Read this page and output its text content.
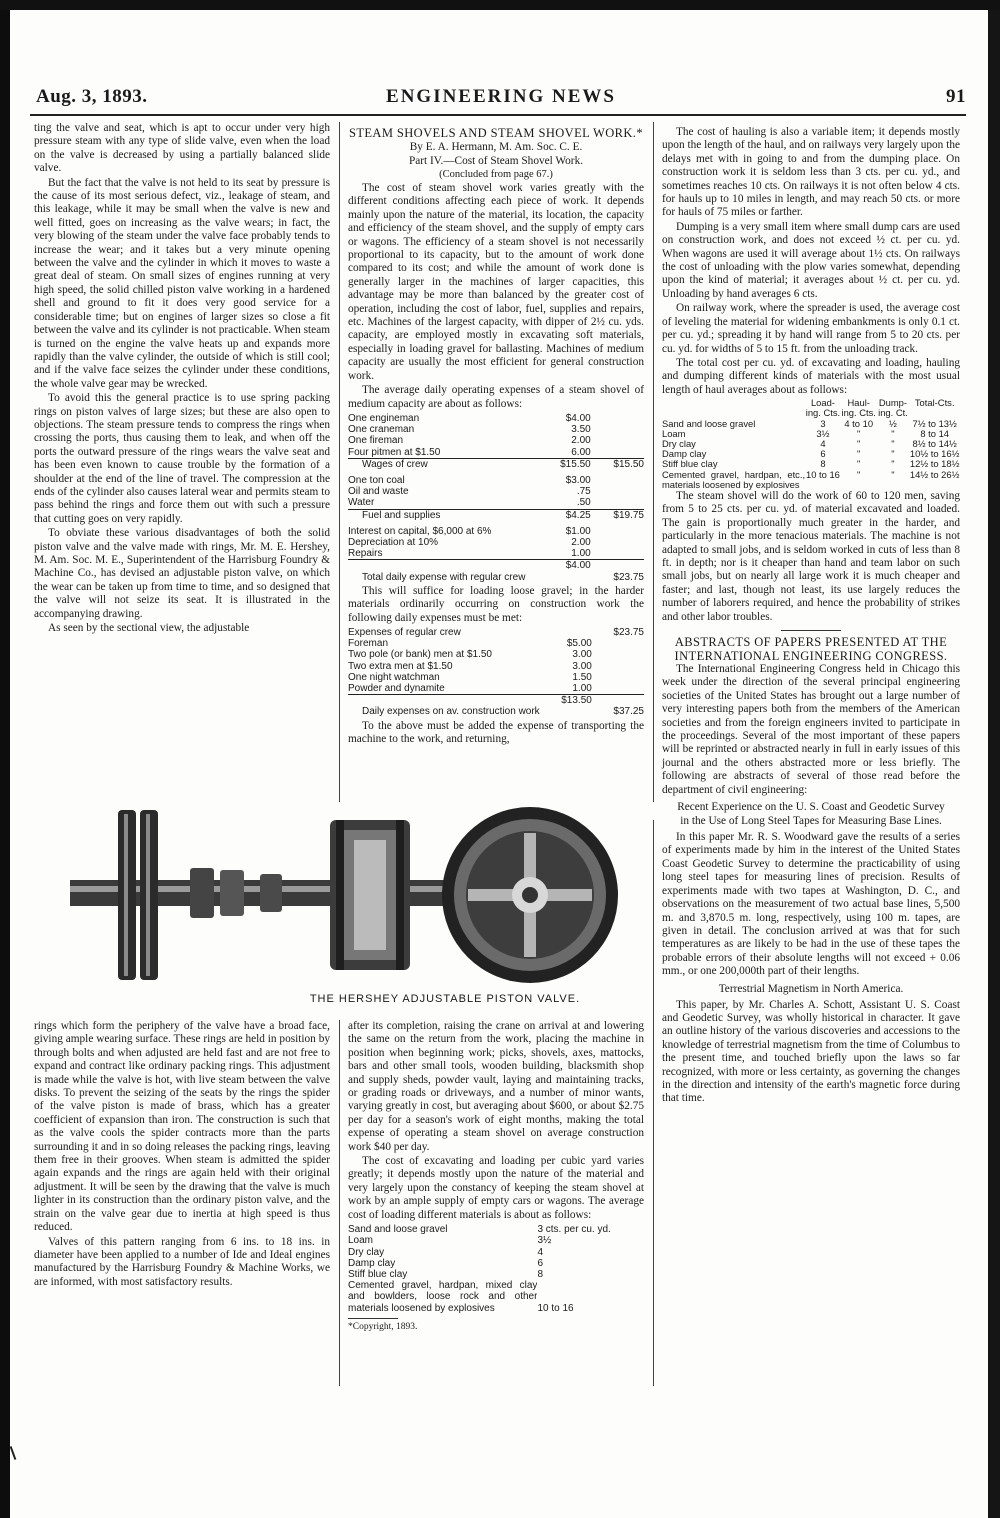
Aug. 3, 1893.	ENGINEERING NEWS	91

ting the valve and seat, which is apt to occur under very high pressure steam with any type of slide valve, even when the load on the valve is decreased by using a partially balanced slide valve.

But the fact that the valve is not held to its seat by pressure is the cause of its most serious defect, viz., leakage of steam, and this leakage, while it may be small when the valve is new and well fitted, goes on increasing as the valve wears; in fact, the very blowing of the steam under the valve face probably tends to increase the wear; and it takes but a very minute opening between the valve and the cylinder in which it moves to waste a great deal of steam. On small sizes of engines running at very high speed, the solid chilled piston valve working in a hardened shell and ground to fit it does very good service for a considerable time; but on engines of larger sizes so close a fit between the valve and its cylinder is not practicable. When steam is turned on the engine the valve heats up and expands more rapidly than the valve cylinder, the outside of which is still cool; and if the valve face seizes the cylinder under these conditions, the whole valve gear may be wrecked.

To avoid this the general practice is to use spring packing rings on piston valves of large sizes; but these are also open to objections. The steam pressure tends to compress the rings when crossing the ports, thus causing them to leak, and when off the ports the outward pressure of the rings wears the valve seat and has been even known to cause trouble by the formation of a shoulder at the end of the line of travel. The compression at the ends of the cylinder also causes lateral wear and permits steam to pass behind the rings and force them out with such a pressure that cutting goes on very rapidly.

To obviate these various disadvantages of both the solid piston valve and the valve made with rings, Mr. M. E. Hershey, M. Am. Soc. M. E., Superintendent of the Harrisburg Foundry & Machine Co., has devised an adjustable piston valve, on which the wear can be taken up from time to time, and so designed that the valve will not seize its seat. It is illustrated in the accompanying drawing.

As seen by the sectional view, the adjustable

STEAM SHOVELS AND STEAM SHOVEL WORK.*
By E. A. Hermann, M. Am. Soc. C. E.
Part IV.—Cost of Steam Shovel Work.
(Concluded from page 67.)

The cost of steam shovel work varies greatly with the different conditions affecting each piece of work. It depends mainly upon the nature of the material, its location, the capacity and efficiency of the steam shovel, and the supply of empty cars or wagons. The efficiency of a steam shovel is not necessarily proportional to its capacity, but to the amount of work done compared to its cost; and while the amount of work done is generally larger in the machines of larger capacities, this advantage may be more than balanced by the greater cost of operation, including the cost of labor, fuel, supplies and repairs, etc. Machines of the largest capacity, with dipper of 2½ cu. yds. capacity, are employed mostly in excavating soft materials, especially in loading gravel for ballasting. Machines of medium capacity are usually the most efficient for general construction work.

The average daily operating expenses of a steam shovel of medium capacity are about as follows:

One engineman	$4.00	
One craneman	3.50	
One fireman	2.00	
Four pitmen at $1.50	6.00	
Wages of crew	$15.50	$15.50

One ton coal	$3.00	
Oil and waste	.75	
Water	.50	
Fuel and supplies	$4.25	$19.75

Interest on capital, $6,000 at 6%	$1.00	
Depreciation at 10%	2.00	
Repairs	1.00	
	$4.00	
Total daily expense with regular crew		$23.75

This will suffice for loading loose gravel; in the harder materials ordinarily occurring on construction work the following daily expenses must be met:

Expenses of regular crew		$23.75
Foreman	$5.00	
Two pole (or bank) men at $1.50	3.00	
Two extra men at $1.50	3.00	
One night watchman	1.50	
Powder and dynamite	1.00	
	$13.50	
Daily expenses on av. construction work		$37.25

To the above must be added the expense of transporting the machine to the work, and returning,

The cost of hauling is also a variable item; it depends mostly upon the length of the haul, and on railways very largely upon the delays met with in going to and from the dumping place. On construction work it is seldom less than 3 cts. per cu. yd., and sometimes reaches 10 cts. On railways it is not often below 4 cts. for hauls up to 10 miles in length, and may reach 50 cts. or more for hauls of 75 miles or farther.

Dumping is a very small item where small dump cars are used on construction work, and does not exceed ½ ct. per cu. yd. When wagons are used it will average about 1½ cts. On railways the cost of unloading with the plow varies somewhat, depending upon the kind of material; it averages about ½ ct. per cu. yd. Unloading by hand averages 6 cts.

On railway work, where the spreader is used, the average cost of leveling the material for widening embankments is only 0.1 ct. per cu. yd.; spreading it by hand will range from 5 to 20 cts. per cu. yd. for widths of 5 to 15 ft. from the unloading track.

The total cost per cu. yd. of excavating and loading, hauling and dumping different kinds of materials with the most usual length of haul averages about as follows:

	Load-ing. Cts.	Haul-ing. Cts.	Dump-ing. Ct.	Total-Cts.
Sand and loose gravel	3	4 to 10	½	7½ to 13½
Loam	3½	"	"	8 to 14
Dry clay	4	"	"	8½ to 14½
Damp clay	6	"	"	10½ to 16½
Stiff blue clay	8	"	"	12½ to 18½
Cemented gravel, hardpan, etc., materials loosened by explosives	10 to 16	"	"	14½ to 26½

The steam shovel will do the work of 60 to 120 men, saving from 5 to 25 cts. per cu. yd. of material excavated and loaded. The gain is proportionally much greater in the harder, and particularly in the more tenacious materials. The machine is not adapted to small jobs, and is seldom worked in cuts of less than 8 ft. in depth; nor is it cheaper than hand and team labor on such small jobs, but on nearly all large work it is much cheaper and faster; and last, though not least, its use largely reduces the number of laborers required, and hence the probability of strikes and other labor troubles.

ABSTRACTS OF PAPERS PRESENTED AT THE INTERNATIONAL ENGINEERING CONGRESS.

The International Engineering Congress held in Chicago this week under the direction of the several principal engineering societies of the United States has brought out a large number of very interesting papers both from the members of the American societies and from the foreign engineers invited to participate in the proceedings. Several of the most important of these papers will be reprinted or abstracted nearly in full in early issues of this journal and the others abstracted more or less briefly. The following are abstracts of several of those read before the department of civil engineering:

Recent Experience on the U. S. Coast and Geodetic Survey in the Use of Long Steel Tapes for Measuring Base Lines.

In this paper Mr. R. S. Woodward gave the results of a series of experiments made by him in the interest of the United States Coast Geodetic Survey to determine the practicability of using long steel tapes for measuring lines of precision. Results of experiments made with two tapes at Washington, D. C., and observations on the measurement of two actual base lines, 5,500 m. and 3,870.5 m. long, respectively, using 100 m. tapes, are given in detail. The conclusion arrived at was that for such temperatures as are likely to be had in the use of these tapes the probable errors of their absolute lengths will not exceed + 0.06 mm., or one 200,000th part of their lengths.

Terrestrial Magnetism in North America.

This paper, by Mr. Charles A. Schott, Assistant U. S. Coast and Geodetic Survey, was wholly historical in character. It gave an outline history of the various discoveries and accessions to the knowledge of terrestrial magnetism from the time of Columbus to the present time, and touched briefly upon the laws so far recognized, with more or less certainty, as governing the changes in the direction and intensity of the earth's magnetic force during that time.

THE HERSHEY ADJUSTABLE PISTON VALVE.

rings which form the periphery of the valve have a broad face, giving ample wearing surface. These rings are held in position by through bolts and when adjusted are held fast and are not free to expand and contract like ordinary packing rings. This adjustment is made while the valve is hot, with live steam between the valve disks. To prevent the seizing of the seats by the rings the spider of the valve piston is made of brass, which has a greater coefficient of expansion than iron. The construction is such that as the valve cools the spider contracts more than the parts surrounding it and in so doing releases the packing rings, leaving them free in their grooves. When steam is admitted the spider again expands and the rings are again held with their original adjustment. It will be seen by the drawing that the valve is much lighter in its construction than the ordinary piston valve, and the strain on the valve gear due to inertia at high speed is thus reduced.

Valves of this pattern ranging from 6 ins. to 18 ins. in diameter have been applied to a number of Ide and Ideal engines manufactured by the Harrisburg Foundry & Machine Works, we are informed, with most satisfactory results.

after its completion, raising the crane on arrival at and lowering the same on the return from the work, placing the machine in position when beginning work; picks, shovels, axes, mattocks, bars and other small tools, wooden building, blacksmith shop and supply sheds, powder vault, laying and maintaining tracks, or grading roads or driveways, and a number of minor wants, varying greatly in cost, but averaging about $600, or about $2.75 per day for a season's work of eight months, making the total expense of operating a steam shovel on average construction work $40 per day.

The cost of excavating and loading per cubic yard varies greatly; it depends mostly upon the nature of the material and very largely upon the constancy of keeping the steam shovel at work by an ample supply of empty cars or wagons. The average cost of loading different materials is about as follows:

Sand and loose gravel	3 cts. per cu. yd.
Loam	3½
Dry clay	4
Damp clay	6
Stiff blue clay	8
Cemented gravel, hardpan, mixed clay and bowlders, loose rock and other materials loosened by explosives	10 to 16
*Copyright, 1893.
